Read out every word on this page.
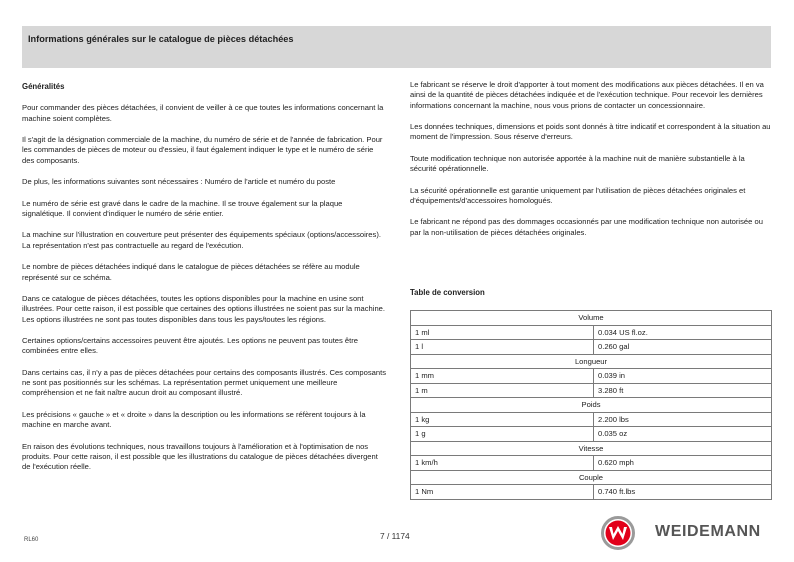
Informations générales sur le catalogue de pièces détachées
Généralités

Pour commander des pièces détachées, il convient de veiller à ce que toutes les informations concernant la machine soient complètes.

Il s'agit de la désignation commerciale de la machine, du numéro de série et de l'année de fabrication. Pour les commandes de pièces de moteur ou d'essieu, il faut également indiquer le type et le numéro de série des composants.

De plus, les informations suivantes sont nécessaires : Numéro de l'article et numéro du poste

Le numéro de série est gravé dans le cadre de la machine. Il se trouve également sur la plaque signalétique. Il convient d'indiquer le numéro de série entier.

La machine sur l'illustration en couverture peut présenter des équipements spéciaux (options/accessoires). La représentation n'est pas contractuelle au regard de l'exécution.

Le nombre de pièces détachées indiqué dans le catalogue de pièces détachées se réfère au module représenté sur ce schéma.

Dans ce catalogue de pièces détachées, toutes les options disponibles pour la machine en usine sont illustrées. Pour cette raison, il est possible que certaines des options illustrées ne soient pas sur la machine. Les options illustrées ne sont pas toutes disponibles dans tous les pays/toutes les régions.

Certaines options/certains accessoires peuvent être ajoutés. Les options ne peuvent pas toutes être combinées entre elles.

Dans certains cas, il n'y a pas de pièces détachées pour certains des composants illustrés. Ces composants ne sont pas positionnés sur les schémas. La représentation permet uniquement une meilleure compréhension et ne fait naître aucun droit au composant illustré.

Les précisions « gauche » et « droite » dans la description ou les informations se réfèrent toujours à la machine en marche avant.

En raison des évolutions techniques, nous travaillons toujours à l'amélioration et à l'optimisation de nos produits. Pour cette raison, il est possible que les illustrations du catalogue de pièces détachées divergent de l'exécution réelle.

Le fabricant se réserve le droit d'apporter à tout moment des modifications aux pièces détachées. Il en va ainsi de la quantité de pièces détachées indiquée et de l'exécution technique. Pour recevoir les dernières informations concernant la machine, nous vous prions de contacter un concessionnaire.

Les données techniques, dimensions et poids sont donnés à titre indicatif et correspondent à la situation au moment de l'impression. Sous réserve d'erreurs.

Toute modification technique non autorisée apportée à la machine nuit de manière substantielle à la sécurité opérationnelle.

La sécurité opérationnelle est garantie uniquement par l'utilisation de pièces détachées originales et d'équipements/d'accessoires homologués.

Le fabricant ne répond pas des dommages occasionnés par une modification technique non autorisée ou par la non-utilisation de pièces détachées originales.

Table de conversion
Volume	
1 ml	0.034 US fl.oz.
1 l	0.260 gal
Longueur	
1 mm	0.039 in
1 m	3.280 ft
Poids	
1 kg	2.200 lbs
1 g	0.035 oz
Vitesse	
1 km/h	0.620 mph
Couple	
1 Nm	0.740 ft.lbs
RL60	7 / 1174	WEIDEMANN
